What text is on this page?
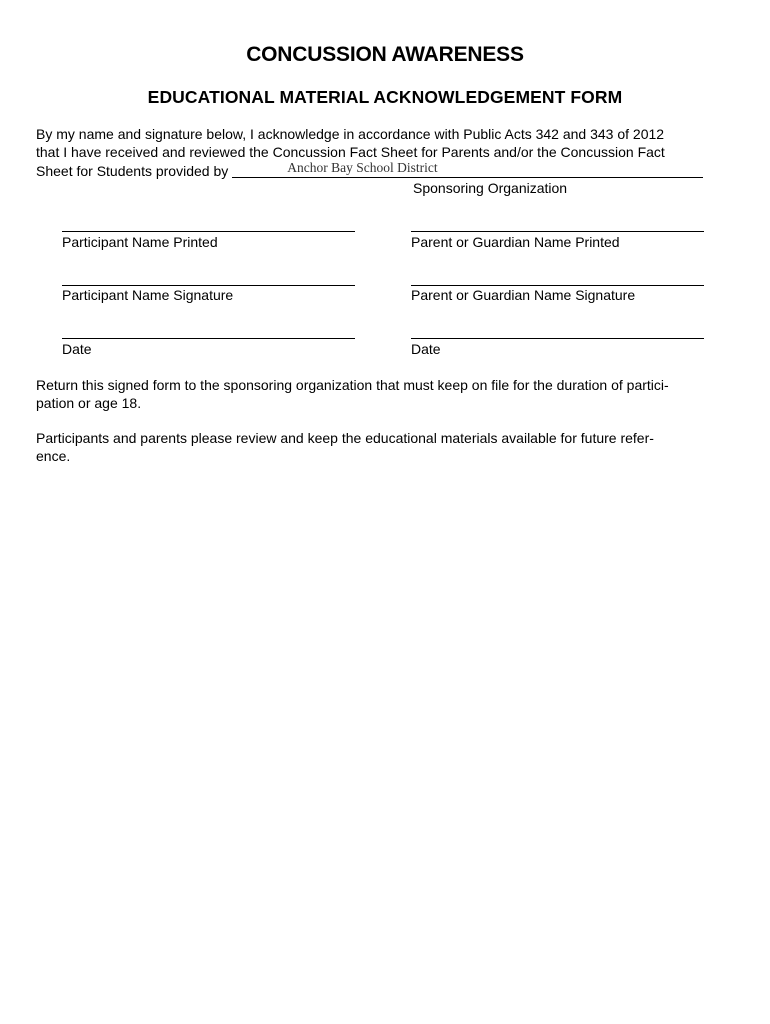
CONCUSSION AWARENESS
EDUCATIONAL MATERIAL ACKNOWLEDGEMENT FORM
By my name and signature below, I acknowledge in accordance with Public Acts 342 and 343 of 2012
that I have received and reviewed the Concussion Fact Sheet for Parents and/or the Concussion Fact
Sheet for Students provided by	Anchor Bay School District
Sponsoring Organization
Participant Name Printed	Parent or Guardian Name Printed
Participant Name Signature	Parent or Guardian Name Signature
Date	Date
Return this signed form to the sponsoring organization that must keep on file for the duration of partici-
pation or age 18.
Participants and parents please review and keep the educational materials available for future refer-
ence.
